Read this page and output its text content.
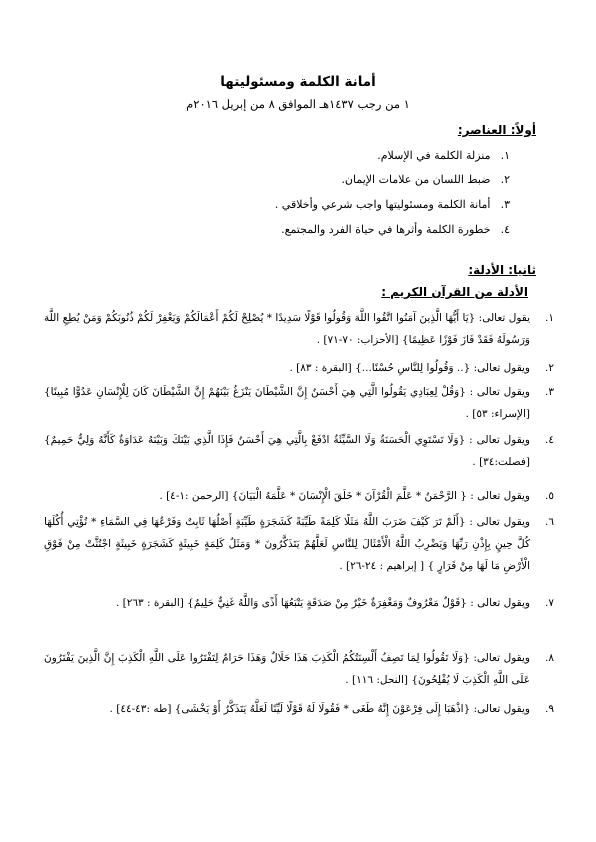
أمانة الكلمة ومسئوليتها
١ من رجب ١٤٣٧هـ الموافق ٨ من إبريل ٢٠١٦م
أولاً: العناصر:
١. منزلة الكلمة في الإسلام.
٢. ضبط اللسان من علامات الإيمان.
٣. أمانة الكلمة ومسئوليتها واجب شرعي وأخلاقي .
٤. خطورة الكلمة وأثرها في حياة الفرد والمجتمع.
ثانيا: الأدلة:
الأدلة من القرآن الكريم :
١.
يقول تعالى: {يَا أَيُّهَا الَّذِينَ آمَنُوا اتَّقُوا اللَّهَ وَقُولُوا قَوْلًا سَدِيدًا * يُصْلِحْ لَكُمْ أَعْمَالَكُمْ وَيَغْفِرْ لَكُمْ ذُنُوبَكُمْ وَمَنْ يُطِعِ اللَّهَ وَرَسُولَهُ فَقَدْ فَازَ فَوْزًا عَظِيمًا} [الأحزاب: ٧٠-٧١] .
٢.
ويقول تعالى: {.. وَقُولُوا لِلنَّاسِ حُسْنًا...} [البقرة : ٨٣] .
٣.
ويقول تعالى : {وَقُلْ لِعِبَادِي يَقُولُوا الَّتِي هِيَ أَحْسَنُ إِنَّ الشَّيْطَانَ يَنْزَغُ بَيْنَهُمْ إِنَّ الشَّيْطَانَ كَانَ لِلْإِنْسَانِ عَدُوًّا مُبِينًا} [الإسراء: ٥٣] .
٤.
ويقول تعالى : {وَلَا تَسْتَوِي الْحَسَنَةُ وَلَا السَّيِّئَةُ ادْفَعْ بِالَّتِي هِيَ أَحْسَنُ فَإِذَا الَّذِي بَيْنَكَ وَبَيْنَهُ عَدَاوَةٌ كَأَنَّهُ وَلِيٌّ حَمِيمٌ} [فصلت:٣٤] .
٥.
ويقول تعالى : { الرَّحْمَنُ * عَلَّمَ الْقُرْآنَ * خَلَقَ الْإِنْسَانَ * عَلَّمَهُ الْبَيَانَ} [الرحمن :١-٤] .
٦.
ويقول تعالى : {أَلَمْ تَرَ كَيْفَ ضَرَبَ اللَّهُ مَثَلًا كَلِمَةً طَيِّبَةً كَشَجَرَةٍ طَيِّبَةٍ أَصْلُهَا ثَابِتٌ وَفَرْعُهَا فِي السَّمَاءِ * تُؤْتِي أُكُلَهَا كُلَّ حِينٍ بِإِذْنِ رَبِّهَا وَيَضْرِبُ اللَّهُ الْأَمْثَالَ لِلنَّاسِ لَعَلَّهُمْ يَتَذَكَّرُونَ * وَمَثَلُ كَلِمَةٍ خَبِيثَةٍ كَشَجَرَةٍ خَبِيثَةٍ اجْتُثَّتْ مِنْ فَوْقِ الْأَرْضِ مَا لَهَا مِنْ قَرَارٍ } [ إبراهيم : ٢٤-٢٦] .
٧.
ويقول تعالى : {قَوْلٌ مَعْرُوفٌ وَمَغْفِرَةٌ خَيْرٌ مِنْ صَدَقَةٍ يَتْبَعُهَا أَذًى وَاللَّهُ غَنِيٌّ حَلِيمٌ} [البقرة : ٢٦٣] .
٨.
ويقول تعالى: {وَلَا تَقُولُوا لِمَا تَصِفُ أَلْسِنَتُكُمُ الْكَذِبَ هَذَا حَلَالٌ وَهَذَا حَرَامٌ لِتَفْتَرُوا عَلَى اللَّهِ الْكَذِبَ إِنَّ الَّذِينَ يَفْتَرُونَ عَلَى اللَّهِ الْكَذِبَ لَا يُفْلِحُونَ} [النحل: ١١٦] .
٩.
ويقول تعالى: {اذْهَبَا إِلَى فِرْعَوْنَ إِنَّهُ طَغَى * فَقُولَا لَهُ قَوْلًا لَيِّنًا لَعَلَّهُ يَتَذَكَّرُ أَوْ يَخْشَى} [طه :٤٣-٤٤] .
